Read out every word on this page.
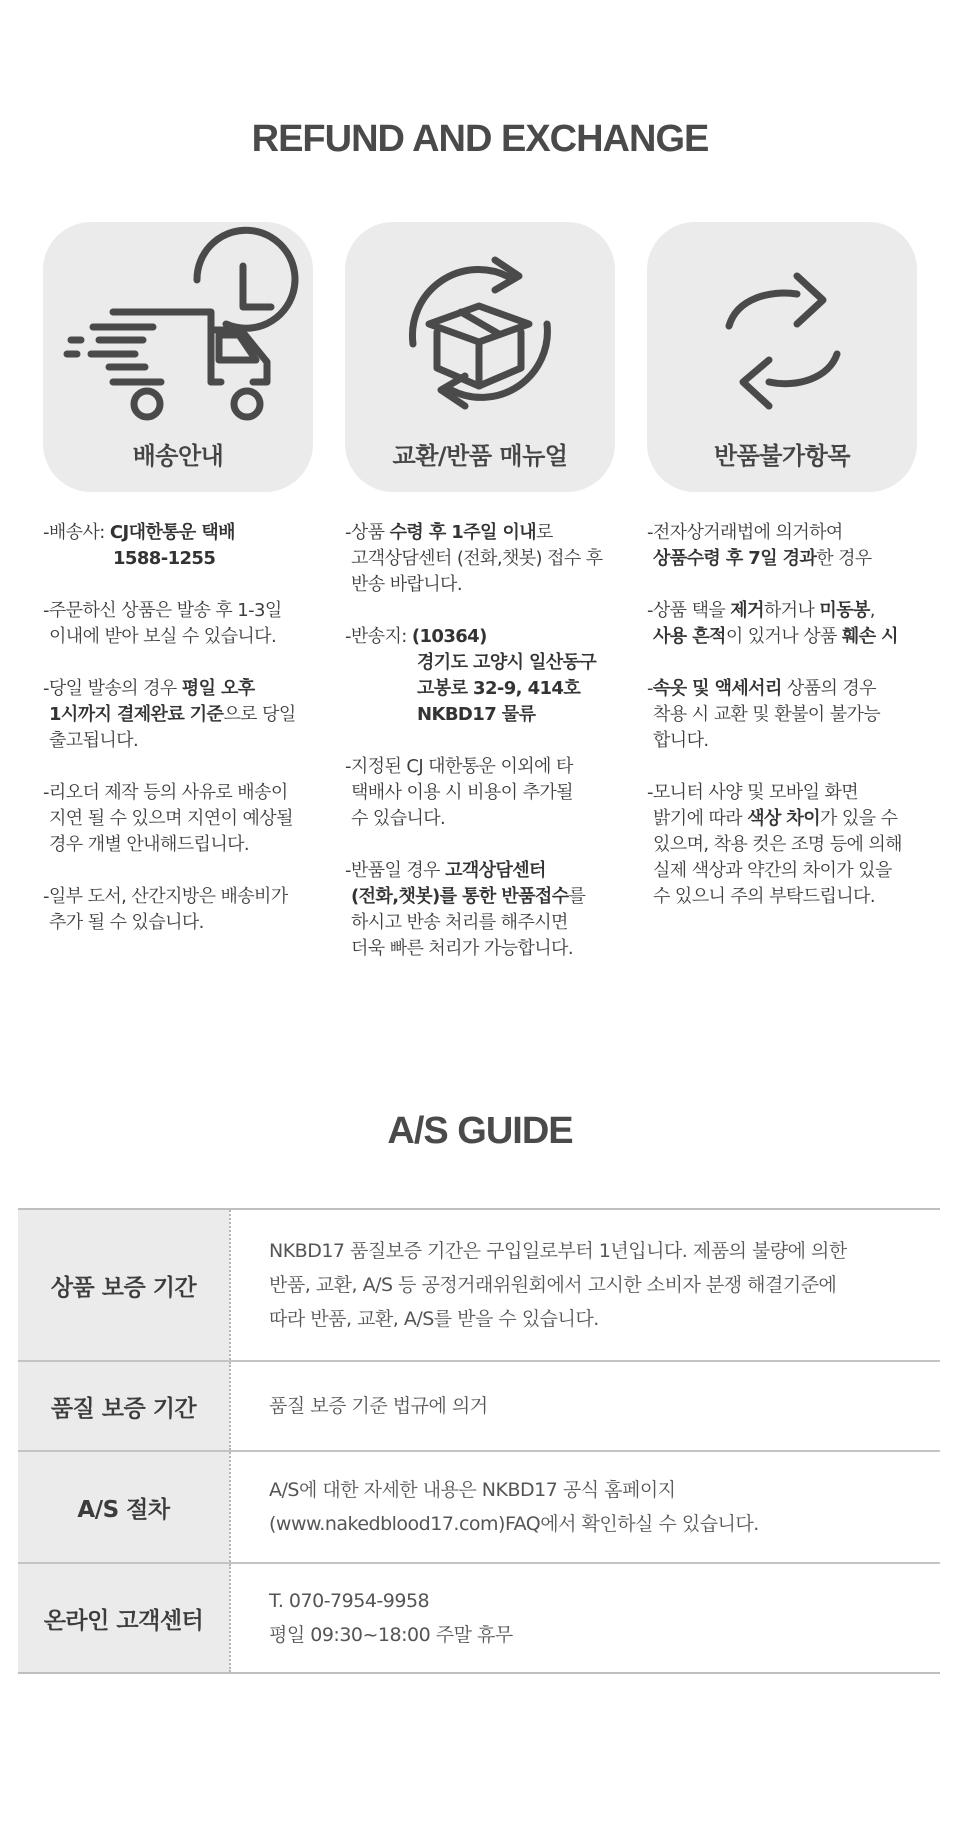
REFUND AND EXCHANGE
배송안내	교환/반품 매뉴얼	반품불가항목

-배송사: CJ대한통운 택배
1588-1255

-주문하신 상품은 발송 후 1-3일
이내에 받아 보실 수 있습니다.

-당일 발송의 경우 평일 오후
1시까지 결제완료 기준으로 당일
출고됩니다.

-리오더 제작 등의 사유로 배송이
지연 될 수 있으며 지연이 예상될
경우 개별 안내해드립니다.

-일부 도서, 산간지방은 배송비가
추가 될 수 있습니다.

-상품 수령 후 1주일 이내로
고객상담센터 (전화,챗봇) 접수 후
반송 바랍니다.

-반송지: (10364)
경기도 고양시 일산동구
고봉로 32-9, 414호
NKBD17 물류

-지정된 CJ 대한통운 이외에 타
택배사 이용 시 비용이 추가될
수 있습니다.

-반품일 경우 고객상담센터
(전화,챗봇)를 통한 반품접수를
하시고 반송 처리를 해주시면
더욱 빠른 처리가 가능합니다.

-전자상거래법에 의거하여
상품수령 후 7일 경과한 경우

-상품 택을 제거하거나 미동봉,
사용 흔적이 있거나 상품 훼손 시

-속옷 및 액세서리 상품의 경우
착용 시 교환 및 환불이 불가능
합니다.

-모니터 사양 및 모바일 화면
밝기에 따라 색상 차이가 있을 수
있으며, 착용 컷은 조명 등에 의해
실제 색상과 약간의 차이가 있을
수 있으니 주의 부탁드립니다.

A/S GUIDE
상품 보증 기간	NKBD17 품질보증 기간은 구입일로부터 1년입니다. 제품의 불량에 의한
반품, 교환, A/S 등 공정거래위원회에서 고시한 소비자 분쟁 해결기준에
따라 반품, 교환, A/S를 받을 수 있습니다.
품질 보증 기간	품질 보증 기준 법규에 의거
A/S 절차	A/S에 대한 자세한 내용은 NKBD17 공식 홈페이지
(www.nakedblood17.com)FAQ에서 확인하실 수 있습니다.
온라인 고객센터	T. 070-7954-9958
평일 09:30~18:00 주말 휴무
